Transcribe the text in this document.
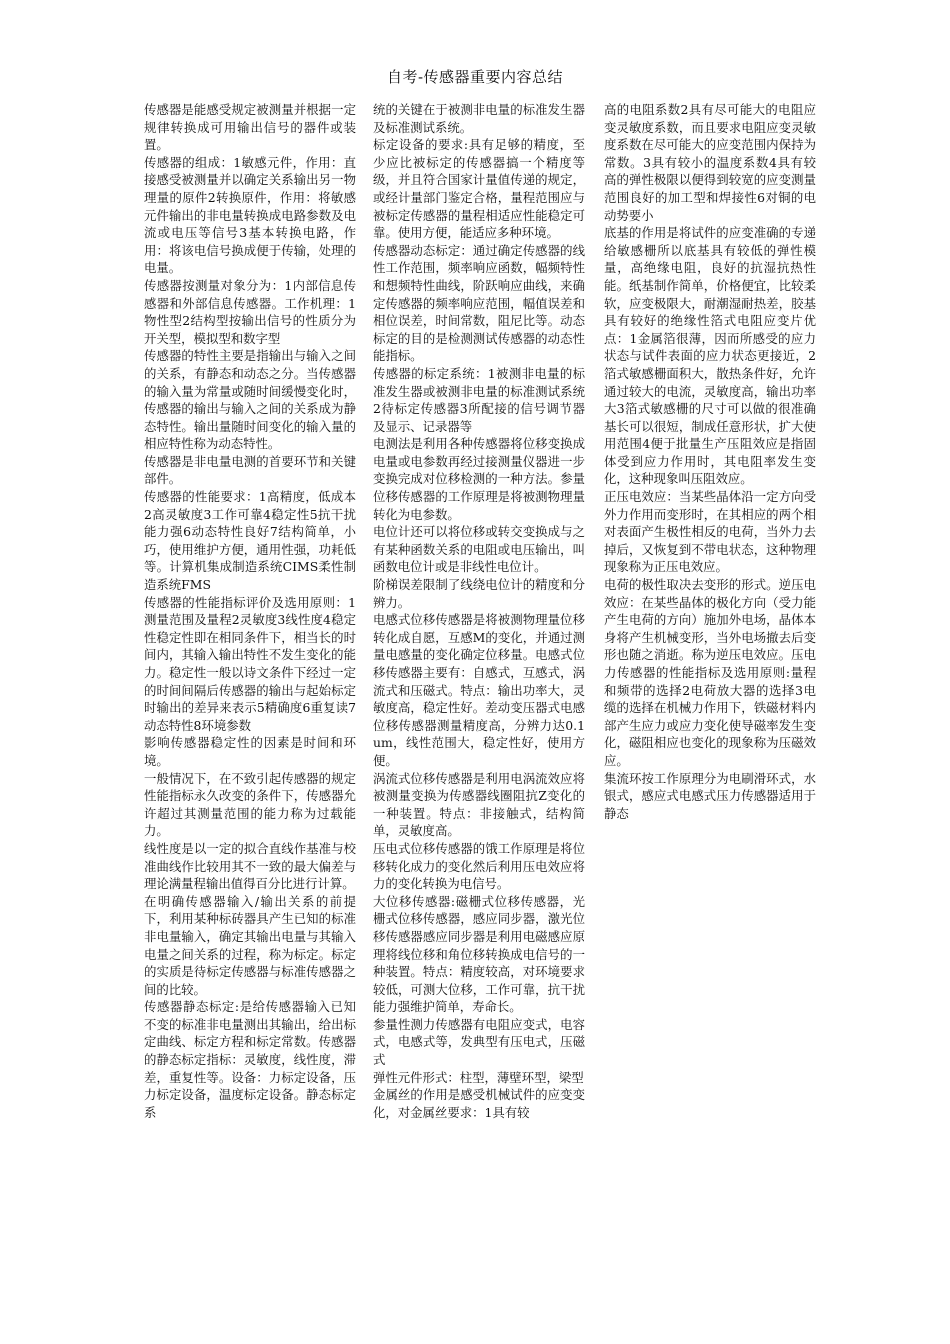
自考-传感器重要内容总结

传感器是能感受规定被测量并根据一定规律转换成可用输出信号的器件或装置。

传感器的组成：1敏感元件，作用：直接感受被测量并以确定关系输出另一物理量的原件2转换原件，作用：将敏感元件输出的非电量转换成电路参数及电流或电压等信号3基本转换电路，作用：将该电信号换成便于传输，处理的电量。

传感器按测量对象分为：1内部信息传感器和外部信息传感器。工作机理：1物性型2结构型按输出信号的性质分为开关型，模拟型和数字型

传感器的特性主要是指输出与输入之间的关系，有静态和动态之分。当传感器的输入量为常量或随时间缓慢变化时，传感器的输出与输入之间的关系成为静态特性。输出量随时间变化的输入量的相应特性称为动态特性。

传感器是非电量电测的首要环节和关键部件。

传感器的性能要求：1高精度，低成本2高灵敏度3工作可靠4稳定性5抗干扰能力强6动态特性良好7结构简单，小巧，使用维护方便，通用性强，功耗低等。计算机集成制造系统CIMS柔性制造系统FMS

传感器的性能指标评价及选用原则：1测量范围及量程2灵敏度3线性度4稳定性稳定性即在相同条件下，相当长的时间内，其输入输出特性不发生变化的能力。稳定性一般以诗文条件下经过一定的时间间隔后传感器的输出与起始标定时输出的差异来表示5精确度6重复读7动态特性8环境参数

影响传感器稳定性的因素是时间和环境。

一般情况下，在不致引起传感器的规定性能指标永久改变的条件下，传感器允许超过其测量范围的能力称为过载能力。

线性度是以一定的拟合直线作基准与校准曲线作比较用其不一致的最大偏差与理论满量程输出值得百分比进行计算。

在明确传感器输入/输出关系的前提下，利用某种标砖器具产生已知的标准非电量输入，确定其输出电量与其输入电量之间关系的过程，称为标定。标定的实质是待标定传感器与标准传感器之间的比较。

传感器静态标定:是给传感器输入已知不变的标准非电量测出其输出，给出标定曲线、标定方程和标定常数。传感器的静态标定指标：灵敏度，线性度，滞差，重复性等。设备：力标定设备，压力标定设备，温度标定设备。静态标定系

统的关键在于被测非电量的标准发生器及标准测试系统。

标定设备的要求:具有足够的精度，至少应比被标定的传感器搞一个精度等级，并且符合国家计量值传递的规定，或经计量部门鉴定合格，量程范围应与被标定传感器的量程相适应性能稳定可靠。使用方便，能适应多种环境。

传感器动态标定：通过确定传感器的线性工作范围，频率响应函数，幅频特性和想频特性曲线，阶跃响应曲线，来确定传感器的频率响应范围，幅值误差和相位误差，时间常数，阻尼比等。动态标定的目的是检测测试传感器的动态性能指标。

传感器的标定系统：1被测非电量的标准发生器或被测非电量的标准测试系统2待标定传感器3所配接的信号调节器及显示、记录器等

电测法是利用各种传感器将位移变换成电量或电参数再经过接测量仪器进一步变换完成对位移检测的一种方法。参量位移传感器的工作原理是将被测物理量转化为电参数。

电位计还可以将位移或转交变换成与之有某种函数关系的电阻或电压输出，叫函数电位计或是非线性电位计。

阶梯误差限制了线绕电位计的精度和分辨力。

电感式位移传感器是将被测物理量位移转化成自愿，互感M的变化，并通过测量电感量的变化确定位移量。电感式位移传感器主要有：自感式，互感式，涡流式和压磁式。特点：输出功率大，灵敏度高，稳定性好。差动变压器式电感位移传感器测量精度高，分辨力达0.1um，线性范围大，稳定性好，使用方便。

涡流式位移传感器是利用电涡流效应将被测量变换为传感器线圈阻抗Z变化的一种装置。特点：非接触式，结构简单，灵敏度高。

压电式位移传感器的饿工作原理是将位移转化成力的变化然后利用压电效应将力的变化转换为电信号。

大位移传感器:磁栅式位移传感器，光栅式位移传感器，感应同步器，激光位移传感器感应同步器是利用电磁感应原理将线位移和角位移转换成电信号的一种装置。特点：精度较高，对环境要求较低，可测大位移，工作可靠，抗干扰能力强维护简单，寿命长。

参量性测力传感器有电阻应变式，电容式，电感式等，发典型有压电式，压磁式

弹性元件形式：柱型，薄壁环型，梁型

金属丝的作用是感受机械试件的应变变化，对金属丝要求：1具有较

高的电阻系数2具有尽可能大的电阻应变灵敏度系数，而且要求电阻应变灵敏度系数在尽可能大的应变范围内保持为常数。3具有较小的温度系数4具有较高的弹性极限以便得到较宽的应变测量范围良好的加工型和焊接性6对铜的电动势要小

底基的作用是将试件的应变准确的专递给敏感栅所以底基具有较低的弹性模量，高绝缘电阻，良好的抗湿抗热性能。纸基制作简单，价格便宜，比较柔软，应变极限大，耐潮湿耐热差，胶基具有较好的绝缘性箔式电阻应变片优点：1金属箔很薄，因而所感受的应力状态与试件表面的应力状态更接近，2箔式敏感栅面积大，散热条件好，允许通过较大的电流，灵敏度高，输出功率大3箔式敏感栅的尺寸可以做的很准确基长可以很短，制成任意形状，扩大使用范围4便于批量生产压阻效应是指固体受到应力作用时，其电阻率发生变化，这种现象叫压阻效应。

正压电效应：当某些晶体沿一定方向受外力作用而变形时，在其相应的两个相对表面产生极性相反的电荷，当外力去掉后，又恢复到不带电状态，这种物理现象称为正压电效应。

电荷的极性取决去变形的形式。逆压电效应：在某些晶体的极化方向（受力能产生电荷的方向）施加外电场，晶体本身将产生机械变形，当外电场撤去后变形也随之消逝。称为逆压电效应。压电力传感器的性能指标及选用原则:量程和频带的选择2电荷放大器的选择3电缆的选择在机械力作用下，铁磁材料内部产生应力或应力变化使导磁率发生变化，磁阻相应也变化的现象称为压磁效应。

集流环按工作原理分为电刷滑环式，水银式，感应式电感式压力传感器适用于静态
